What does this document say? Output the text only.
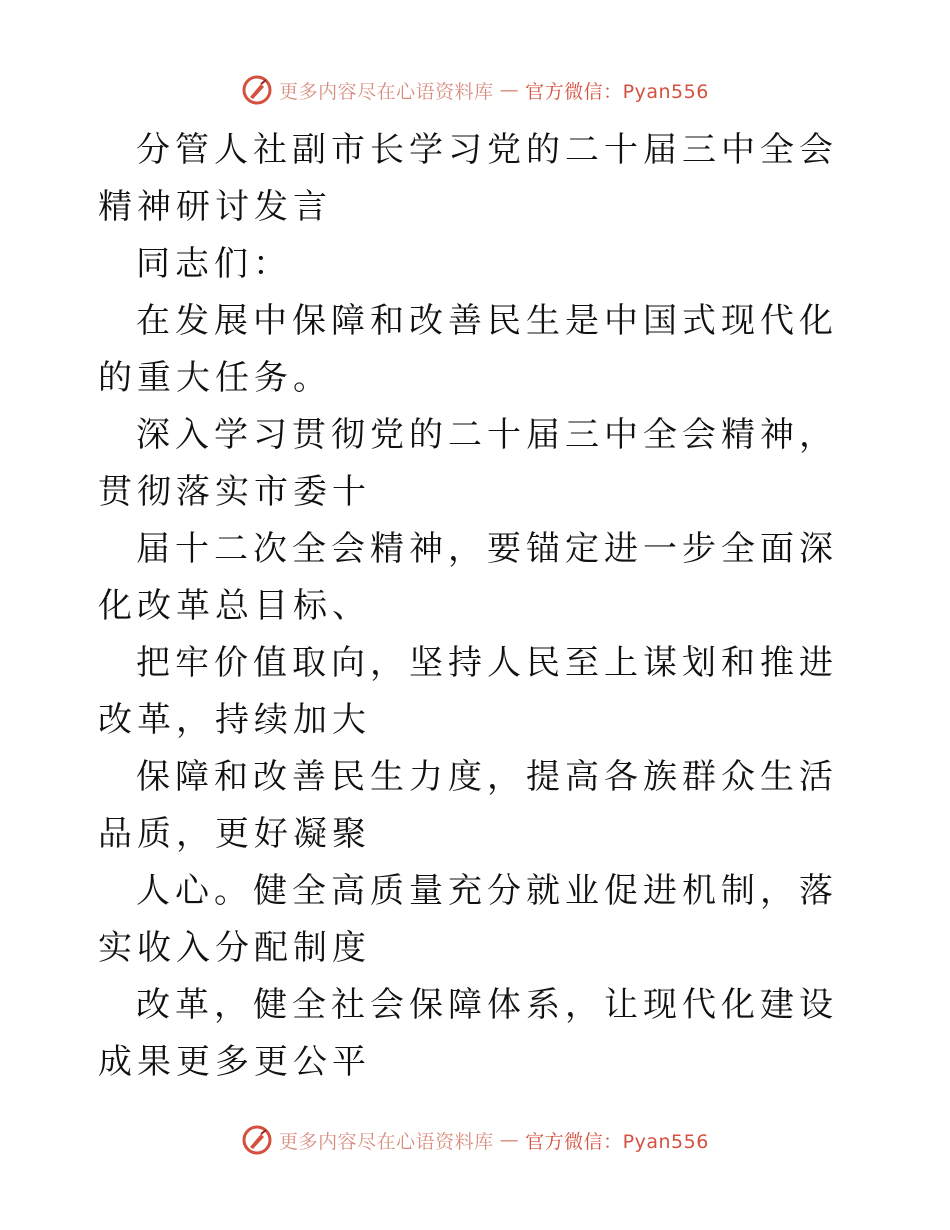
更多内容尽在心语资料库 — 官方微信：Pyan556

分管人社副市长学习党的二十届三中全会精神研讨发言

同志们：

在发展中保障和改善民生是中国式现代化的重大任务。

深入学习贯彻党的二十届三中全会精神，贯彻落实市委十

届十二次全会精神，要锚定进一步全面深化改革总目标、

把牢价值取向，坚持人民至上谋划和推进改革，持续加大

保障和改善民生力度，提高各族群众生活品质，更好凝聚

人心。健全高质量充分就业促进机制，落实收入分配制度

改革，健全社会保障体系，让现代化建设成果更多更公平

更多内容尽在心语资料库 — 官方微信：Pyan556
